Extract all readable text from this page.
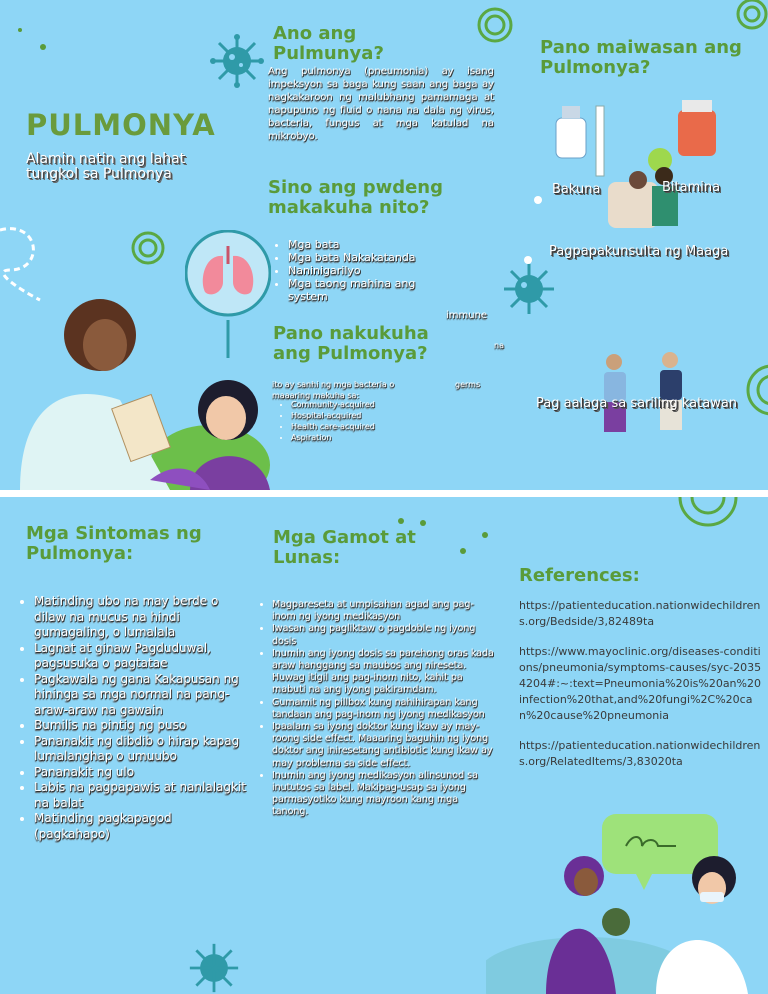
PULMONYA
Alamin natin ang lahat tungkol sa Pulmonya
Ano ang Pulmunya?
Ang pulmonya (pneumonia) ay isang impeksyon sa baga kung saan ang baga ay nagkakaroon ng malubhang pamamaga at napupuno ng fluid o nana na dala ng virus, bacteria, fungus at mga katulad na mikrobyo.
Sino ang pwdeng makakuha nito?
• Mga bata
• Mga bata Nakakatanda
• Naninigarilyo
• Mga taong mahina ang system
immune
na
Pano nakukuha ang Pulmonya?
ito ay sanhi ng mga bacteria o	germs
maaaring makuha sa:
• Community-acquired
• Hospital-acquired
• Health care-acquired
• Aspiration
Pano maiwasan ang Pulmonya?
Bakuna	Bitamina
Pagpapakunsulta ng Maaga
Pag aalaga sa sariling katawan
Mga Sintomas ng Pulmonya:
• Matinding ubo na may berde o dilaw na mucus na hindi gumagaling, o lumalala
• Lagnat at ginaw Pagduduwal, pagsusuka o pagtatae
• Pagkawala ng gana Kakapusan ng hininga sa mga normal na pang-araw-araw na gawain
• Bumilis na pintig ng puso
• Pananakit ng dibdib o hirap kapag lumalanghap o umuubo
• Pananakit ng ulo
• Labis na pagpapawis at nanlalagkit na balat
• Matinding pagkapagod (pagkahapo)
Mga Gamot at Lunas:
• Magpareseta at umpisahan agad ang pag-inom ng iyong medikasyon
• Iwasan ang pagliktaw o pagdoble ng iyong dosis
• Inumin ang iyong dosis sa parehong oras kada araw hanggang sa maubos ang nireseta. Huwag itigil ang pag-inom nito, kahit pa mabuti na ang iyong pakiramdam.
• Gumamit ng pillbox kung nahihirapan kang tandaan ang pag-inom ng iyong medikasyon
• Ipaalam sa iyong doktor kung ikaw ay may-roong side effect. Maaaring baguhin ng iyong doktor ang iniresetang antibiotic kung ikaw ay may problema sa side effect.
• Inumin ang iyong medikasyon alinsunod sa inututos sa label. Makipag-usap sa iyong parmasyotiko kung mayroon kang mga tanong.
References:

https://patienteducation.nationwidechildrens.org/Bedside/3,82489ta

https://www.mayoclinic.org/diseases-conditions/pneumonia/symptoms-causes/syc-20354204#:~:text=Pneumonia%20is%20an%20infection%20that,and%20fungi%2C%20can%20cause%20pneumonia

https://patienteducation.nationwidechildrens.org/RelatedItems/3,83020ta
